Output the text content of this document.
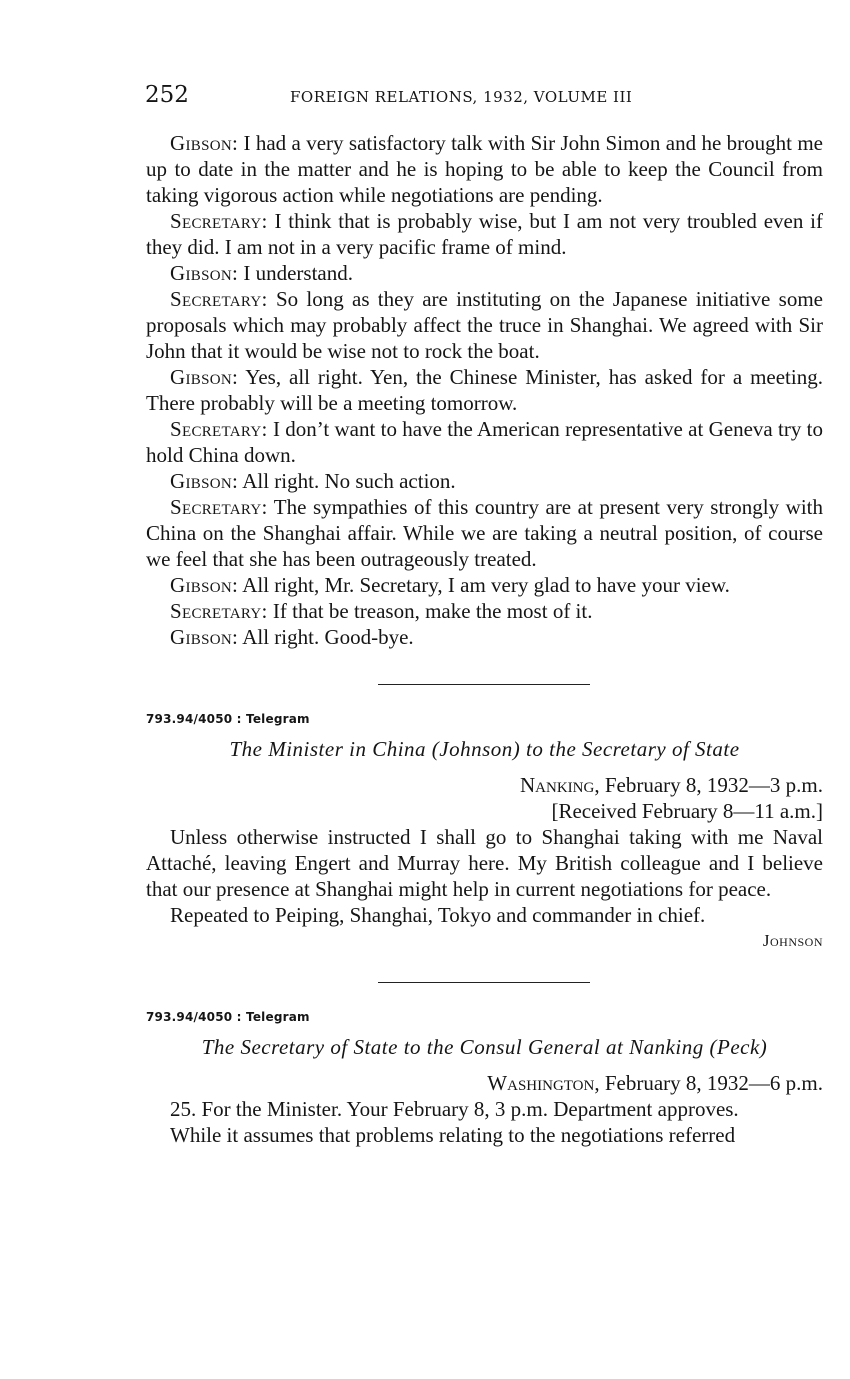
252	FOREIGN RELATIONS, 1932, VOLUME III

Gibson: I had a very satisfactory talk with Sir John Simon and he brought me up to date in the matter and he is hoping to be able to keep the Council from taking vigorous action while negotiations are pending.

Secretary: I think that is probably wise, but I am not very troubled even if they did. I am not in a very pacific frame of mind.

Gibson: I understand.

Secretary: So long as they are instituting on the Japanese initiative some proposals which may probably affect the truce in Shanghai. We agreed with Sir John that it would be wise not to rock the boat.

Gibson: Yes, all right. Yen, the Chinese Minister, has asked for a meeting. There probably will be a meeting tomorrow.

Secretary: I don’t want to have the American representative at Geneva try to hold China down.

Gibson: All right. No such action.

Secretary: The sympathies of this country are at present very strongly with China on the Shanghai affair. While we are taking a neutral position, of course we feel that she has been outrageously treated.

Gibson: All right, Mr. Secretary, I am very glad to have your view.

Secretary: If that be treason, make the most of it.

Gibson: All right. Good-bye.

793.94/4050 : Telegram
The Minister in China (Johnson) to the Secretary of State
Nanking, February 8, 1932—3 p.m.
[Received February 8—11 a.m.]

Unless otherwise instructed I shall go to Shanghai taking with me Naval Attaché, leaving Engert and Murray here. My British colleague and I believe that our presence at Shanghai might help in current negotiations for peace.

Repeated to Peiping, Shanghai, Tokyo and commander in chief.

Johnson
793.94/4050 : Telegram
The Secretary of State to the Consul General at Nanking (Peck)
Washington, February 8, 1932—6 p.m.

25. For the Minister. Your February 8, 3 p.m. Department approves.

While it assumes that problems relating to the negotiations referred
